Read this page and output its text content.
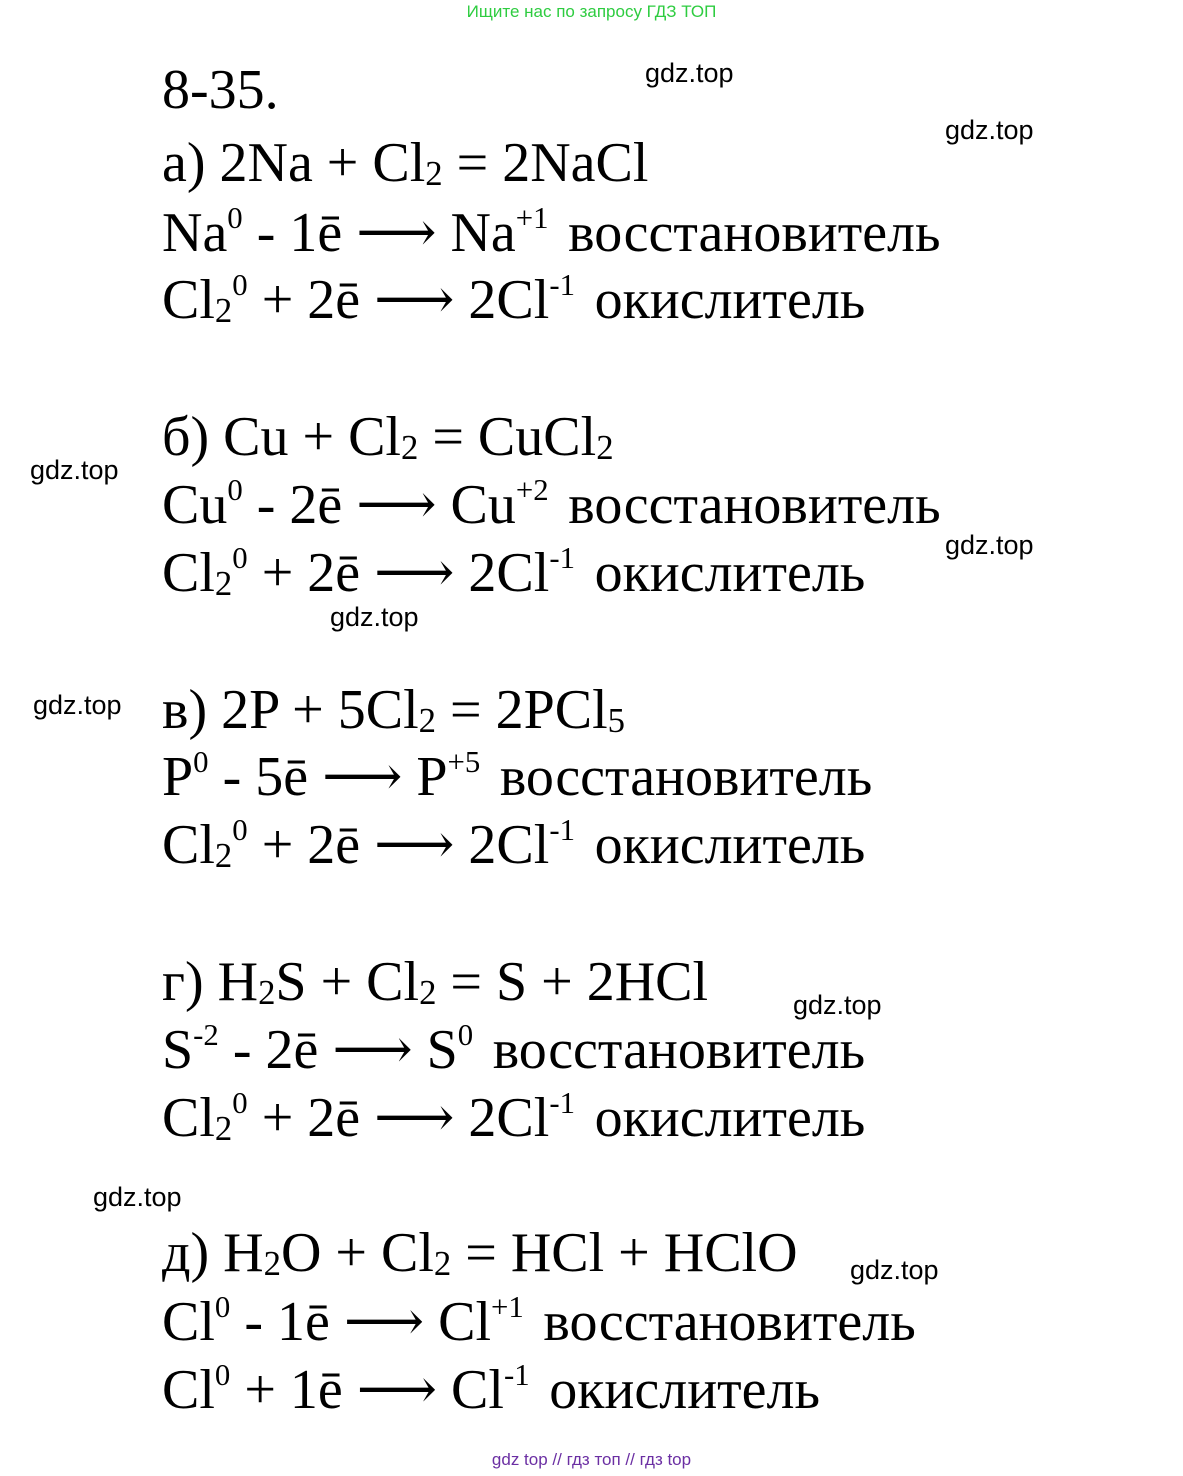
Ищите нас по запросу ГДЗ ТОП
8-35.
а) $2Na + Cl_2$ = 2NaCl
Na$^0$ - 1ē ⟶ $Na^{+1}$ восстановитель
$Cl_2^0$ + 2ē ⟶ $2Cl^{-1}$ окислитель
б) $Cu + Cl_2$ = CuCl$_2$
Cu$^0$ - 2ē ⟶ $Cu^{+2}$ восстановитель
$Cl_2^0$ + 2ē ⟶ $2Cl^{-1}$ окислитель
в) $2P + 5Cl_2 = 2PCl_5$
$P^0$ - 5ē ⟶ $P^{+5}$ восстановитель
$Cl_2^0$ + 2ē ⟶ $2Cl^{-1}$ окислитель
г) $H_2S + Cl_2 = S + 2HCl$
$S^{-2}$ - 2ē ⟶ $S^0$ восстановитель
$Cl_2^0$ + 2ē ⟶ $2Cl^{-1}$ окислитель
д) $H_2O + Cl_2$ = HCl + HClO
Cl$^0$ - 1ē ⟶ $Cl^{+1}$ восстановитель
$Cl^0$ + 1ē ⟶ $Cl^{-1}$ окислитель
gdz.top
gdz.top
gdz.top
gdz.top
gdz.top
gdz.top
gdz.top
gdz.top
gdz.top
gdz top // гдз топ // гдз top
